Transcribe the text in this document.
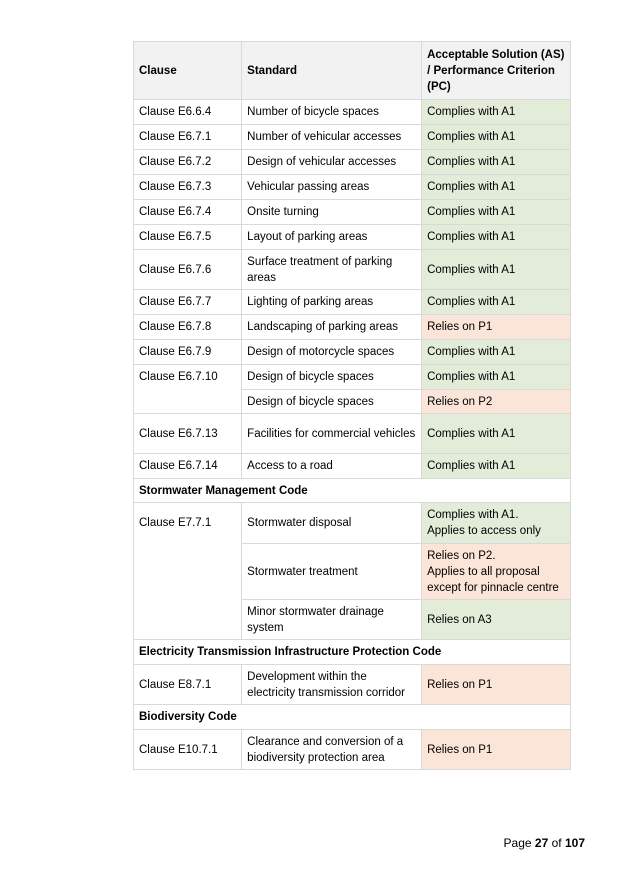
Clause	Standard	Acceptable Solution (AS) / Performance Criterion (PC)
Clause E6.6.4	Number of bicycle spaces	Complies with A1
Clause E6.7.1	Number of vehicular accesses	Complies with A1
Clause E6.7.2	Design of vehicular accesses	Complies with A1
Clause E6.7.3	Vehicular passing areas	Complies with A1
Clause E6.7.4	Onsite turning	Complies with A1
Clause E6.7.5	Layout of parking areas	Complies with A1
Clause E6.7.6	Surface treatment of parking areas	Complies with A1
Clause E6.7.7	Lighting of parking areas	Complies with A1
Clause E6.7.8	Landscaping of parking areas	Relies on P1
Clause E6.7.9	Design of motorcycle spaces	Complies with A1
Clause E6.7.10	Design of bicycle spaces	Complies with A1
	Design of bicycle spaces	Relies on P2
Clause E6.7.13	Facilities for commercial vehicles	Complies with A1
Clause E6.7.14	Access to a road	Complies with A1
Stormwater Management Code		
Clause E7.7.1	Stormwater disposal	Complies with A1.
Applies to access only

	Stormwater treatment	Relies on P2.
Applies to all proposal except for pinnacle centre

	Minor stormwater drainage system	Relies on A3
Electricity Transmission Infrastructure Protection Code		
Clause E8.7.1	Development within the electricity transmission corridor	Relies on P1
Biodiversity Code		
Clause E10.7.1	Clearance and conversion of a biodiversity protection area	Relies on P1
Page 27 of 107
